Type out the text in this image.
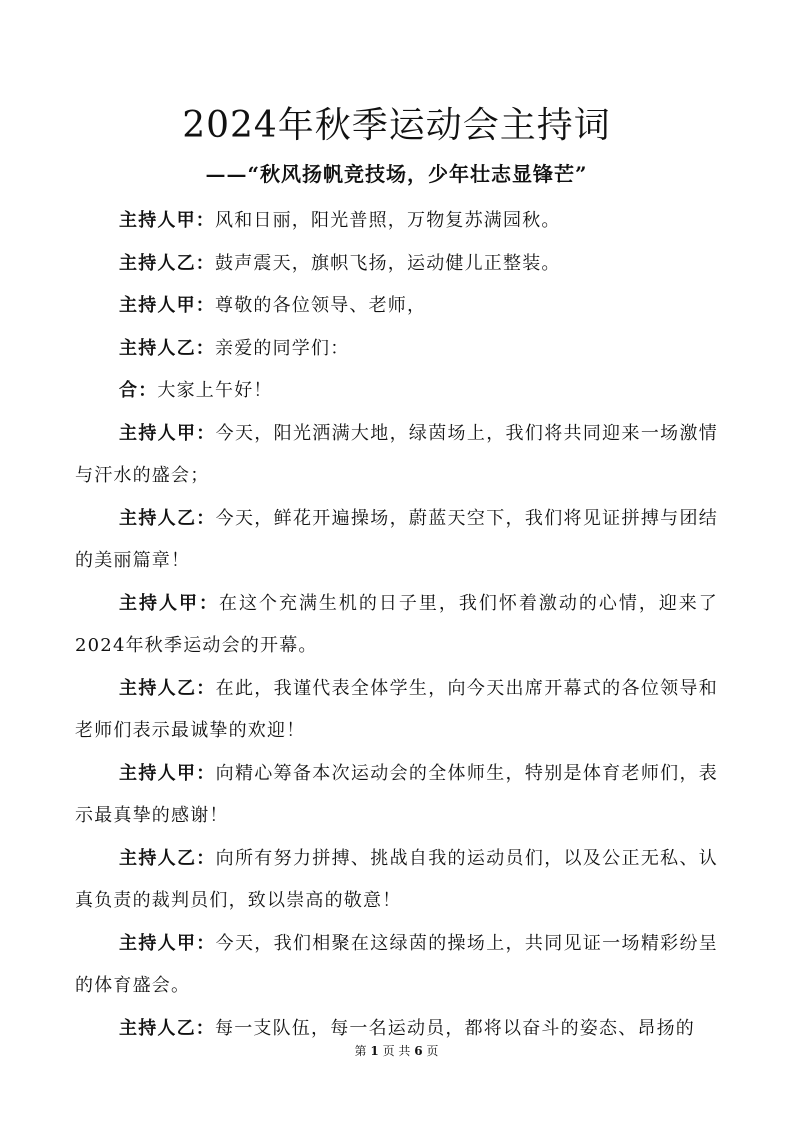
2024年秋季运动会主持词
——“秋风扬帆竞技场，少年壮志显锋芒”

主持人甲：风和日丽，阳光普照，万物复苏满园秋。

主持人乙：鼓声震天，旗帜飞扬，运动健儿正整装。

主持人甲：尊敬的各位领导、老师，

主持人乙：亲爱的同学们：

合：大家上午好！

主持人甲：今天，阳光洒满大地，绿茵场上，我们将共同迎来一场激情与汗水的盛会；

主持人乙：今天，鲜花开遍操场，蔚蓝天空下，我们将见证拼搏与团结的美丽篇章！

主持人甲：在这个充满生机的日子里，我们怀着激动的心情，迎来了2024年秋季运动会的开幕。

主持人乙：在此，我谨代表全体学生，向今天出席开幕式的各位领导和老师们表示最诚挚的欢迎！

主持人甲：向精心筹备本次运动会的全体师生，特别是体育老师们，表示最真挚的感谢！

主持人乙：向所有努力拼搏、挑战自我的运动员们，以及公正无私、认真负责的裁判员们，致以崇高的敬意！

主持人甲：今天，我们相聚在这绿茵的操场上，共同见证一场精彩纷呈的体育盛会。

主持人乙：每一支队伍，每一名运动员，都将以奋斗的姿态、昂扬的

第 1 页 共 6 页
